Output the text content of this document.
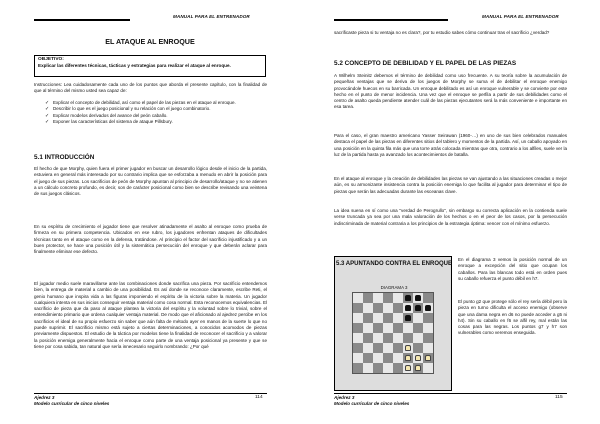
MANUAL PARA EL ENTRENADOR
EL ATAQUE AL ENROQUE
OBJETIVO:
Explicar las diferentes técnicas, tácticas y estrategias para realizar el ataque al enroque.

Instrucciones: Lea cuidadosamente cada uno de los puntos que aborda el presente capítulo, con la finalidad de que al término del mismo usted sea capaz de:

✓ Explicar el concepto de debilidad, así como el papel de las piezas en el ataque al enroque.
✓ Describir lo que es el juego posicional y su relación con el juego combinatorio.
✓ Explicar modelos derivados del avance del peón caballo.
✓ Exponer las características del sistema de ataque Pillsbury.
5.1 INTRODUCCIÓN

El hecho de que Morphy, quien fuera el primer jugador en buscar un desarrollo lógico desde el inicio de la partida, estuviera en general más interesado por su contrario implica que se esforzaba a menudo en abrir la posición para el juego de sus piezas. Los sacrificios de peón de Morphy apuntan al principio de desarrollo/ataque y no se atienen a un cálculo concreto profundo, es decir, son de carácter posicional como bien se describe revisando una veintena de sus juegos clásicos.

En su espíritu de crecimiento el jugador tiene que resolver atinadamente el asalto al enroque como prueba de firmeza en su primera competencia. Ubicados en ese rubro, los jugadores enfrentan ataques de dificultades técnicas tanto en el ataque como en la defensa, tratándose. Al principio el factor del sacrificio injustificado y a un buen protector, se hace una posición útil y la sistemática persecución del enroque y que deberán aclarar para finalmente eliminar ese defecto.

El jugador medio suele maravillarse ante las combinaciones donde sacrifica una pieza. Por sacrificio entendemos bien, la entrega de material a cambio de una posibilidad. Es así donde se reconoce claramente, escribe Reti, el genio humano que inspira vida a las figuras imponiendo el espíritu de la victoria sobre la materia. Un jugador cualquiera intenta en sus inicios conseguir ventaja material como cosa normal. Esta reconocemos equivalencias. El sacrificio de pieza que da paso al ataque plantea la victoria del espíritu y la voluntad sobre lo trivial, sobre el entendimiento primario que ordena cualquier ventaja material. De modo que el aficionado al ajedrez percibe en los sacrificios el ideal de su propio esfuerzo sin saber que aún falta de método ayer en manos de la suerte lo que no puede suprimir. El sacrificio mismo está sujeto a ciertas determinaciones, a conocidos acomodos de piezas previamente dispuestos. El estudio de la táctica por modelos tiene la finalidad de reconocer el sacrificio y a valorar la posición enemiga generalmente hacia el enroque como parte de una ventaja posicional ya presente y que se tiene por cosa sabida, tan natural que sería innecesario seguirlo nombrando: ¿Por qué

Ajedrez 3
Modelo curricular de cinco niveles
114
MANUAL PARA EL ENTRENADOR

sacrificaste pieza si tu ventaja no es clara?, por tu estudio sabes cómo continuar tras el sacrificio ¿verdad?

5.2 CONCEPTO DE DEBILIDAD Y EL PAPEL DE LAS PIEZAS

A Wilhelm Steinitz debemos el término de debilidad como uso frecuente. A su teoría sobre la acumulación de pequeñas ventajas que se deriva de los juegos de Morphy se suma el de debilitar el enroque enemigo provocándole huecos en su barricada. Un enroque debilitado es así un enroque vulnerable y se convierte por este hecho en el punto de menor incidencia. Una vez que el enroque se perfila a partir de sus debilidades como el centro de asalto queda pendiente atender cuál de las piezas ejecutantes será la más conveniente e importante en esa tarea.

Para el caso, el gran maestro americano Yasser Seirawan (1960-…) en uno de sus bien celebrados manuales destaca el papel de las piezas en diferentes sitios del tablero y momentos de la partida. Así, un caballo apoyado en una posición en la quinta fila más que una torre atrás colocada mientras que otra, contrario a los alfiles, suele ver la luz de la partida hasta ya avanzado los acontecimientos de batalla.

En el ataque al enroque y la creación de debilidades las piezas se van ajustando a las situaciones creadas o mejor aún, es su armonizante insistencia contra la posición enemiga lo que facilita al jugador para determinar el tipo de piezas que serán las adecuadas durante las esceanas clave.

La idea suena en sí como una "verdad de Perogrullo", sin embargo su correcta aplicación en la contienda suele verse truncada ya sea por una mala valoración de los hechos o en el peor de los casos, por la persecución indiscriminada de material contraria a los principios de la estrategia óptima: vencer con el mínimo esfuerzo.

5.3 APUNTANDO CONTRA EL ENROQUE
DIAGRAMA 3

En el diagrama 3 vemos la posición normal de un enroque a excepción del sitio que ocupan los caballos. Para las blancas todo está en orden pues su caballo refuerza el punto débil en h7.

El punto g2 que protege sólo el rey sería débil pero la pieza en turno dificulta el acceso enemigo (observe que una dama negra en d6 no puede acceder a g5 ni h4). Sin su caballo en f6 se alfil rey, mal están las cosas para las negras. Los puntos g7 y h7 son vulnerables como veremos enseguida.

Ajedrez 3
Modelo curricular de cinco niveles
115
